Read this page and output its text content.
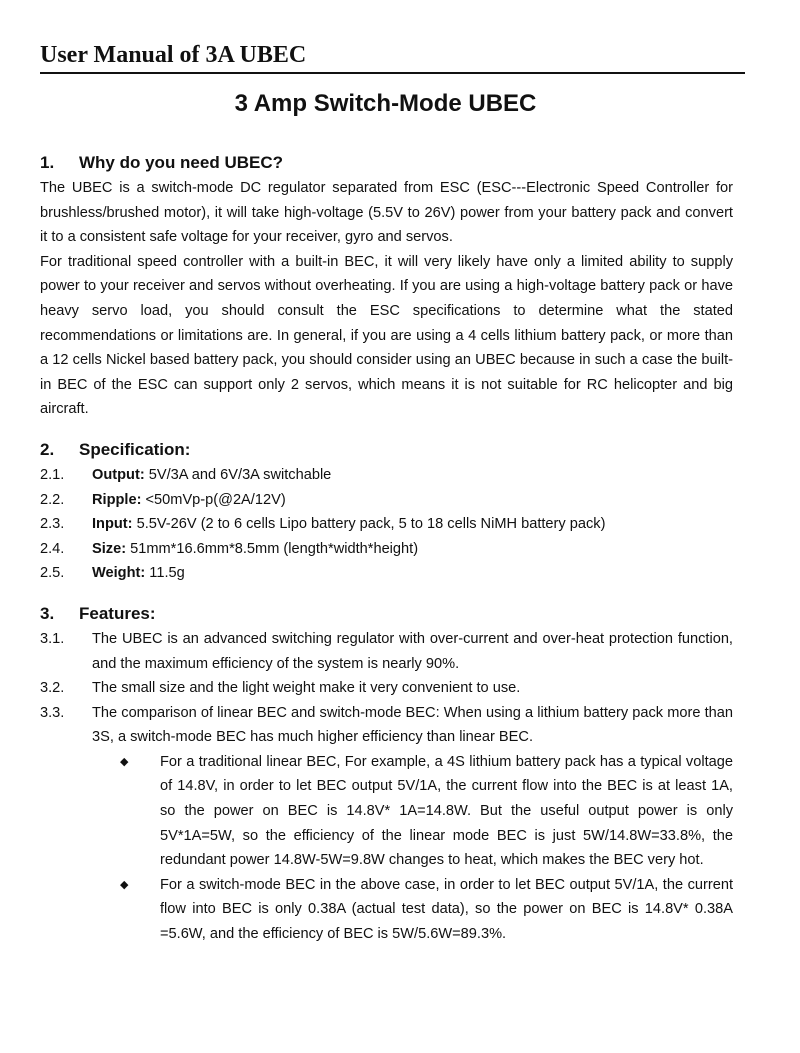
User Manual of 3A UBEC
3 Amp Switch-Mode UBEC
1.	Why do you need UBEC?

The UBEC is a switch-mode DC regulator separated from ESC (ESC---Electronic Speed Controller for brushless/brushed motor), it will take high-voltage (5.5V to 26V) power from your battery pack and convert it to a consistent safe voltage for your receiver, gyro and servos.

For traditional speed controller with a built-in BEC, it will very likely have only a limited ability to supply power to your receiver and servos without overheating. If you are using a high-voltage battery pack or have heavy servo load, you should consult the ESC specifications to determine what the stated recommendations or limitations are. In general, if you are using a 4 cells lithium battery pack, or more than a 12 cells Nickel based battery pack, you should consider using an UBEC because in such a case the built-in BEC of the ESC can support only 2 servos, which means it is not suitable for RC helicopter and big aircraft.

2.	Specification:
2.1.	Output: 5V/3A and 6V/3A switchable
2.2.	Ripple: <50mVp-p(@2A/12V)
2.3.	Input: 5.5V-26V (2 to 6 cells Lipo battery pack, 5 to 18 cells NiMH battery pack)
2.4.	Size: 51mm*16.6mm*8.5mm (length*width*height)
2.5.	Weight: 11.5g
3.	Features:
3.1.	The UBEC is an advanced switching regulator with over-current and over-heat protection function, and the maximum efficiency of the system is nearly 90%.
3.2.	The small size and the light weight make it very convenient to use.
3.3.	The comparison of linear BEC and switch-mode BEC: When using a lithium battery pack more than 3S, a switch-mode BEC has much higher efficiency than linear BEC.
◆	For a traditional linear BEC, For example, a 4S lithium battery pack has a typical voltage of 14.8V, in order to let BEC output 5V/1A, the current flow into the BEC is at least 1A, so the power on BEC is 14.8V* 1A=14.8W. But the useful output power is only 5V*1A=5W, so the efficiency of the linear mode BEC is just 5W/14.8W=33.8%, the redundant power 14.8W-5W=9.8W changes to heat, which makes the BEC very hot.
◆	For a switch-mode BEC in the above case, in order to let BEC output 5V/1A, the current flow into BEC is only 0.38A (actual test data), so the power on BEC is 14.8V* 0.38A =5.6W, and the efficiency of BEC is 5W/5.6W=89.3%.
